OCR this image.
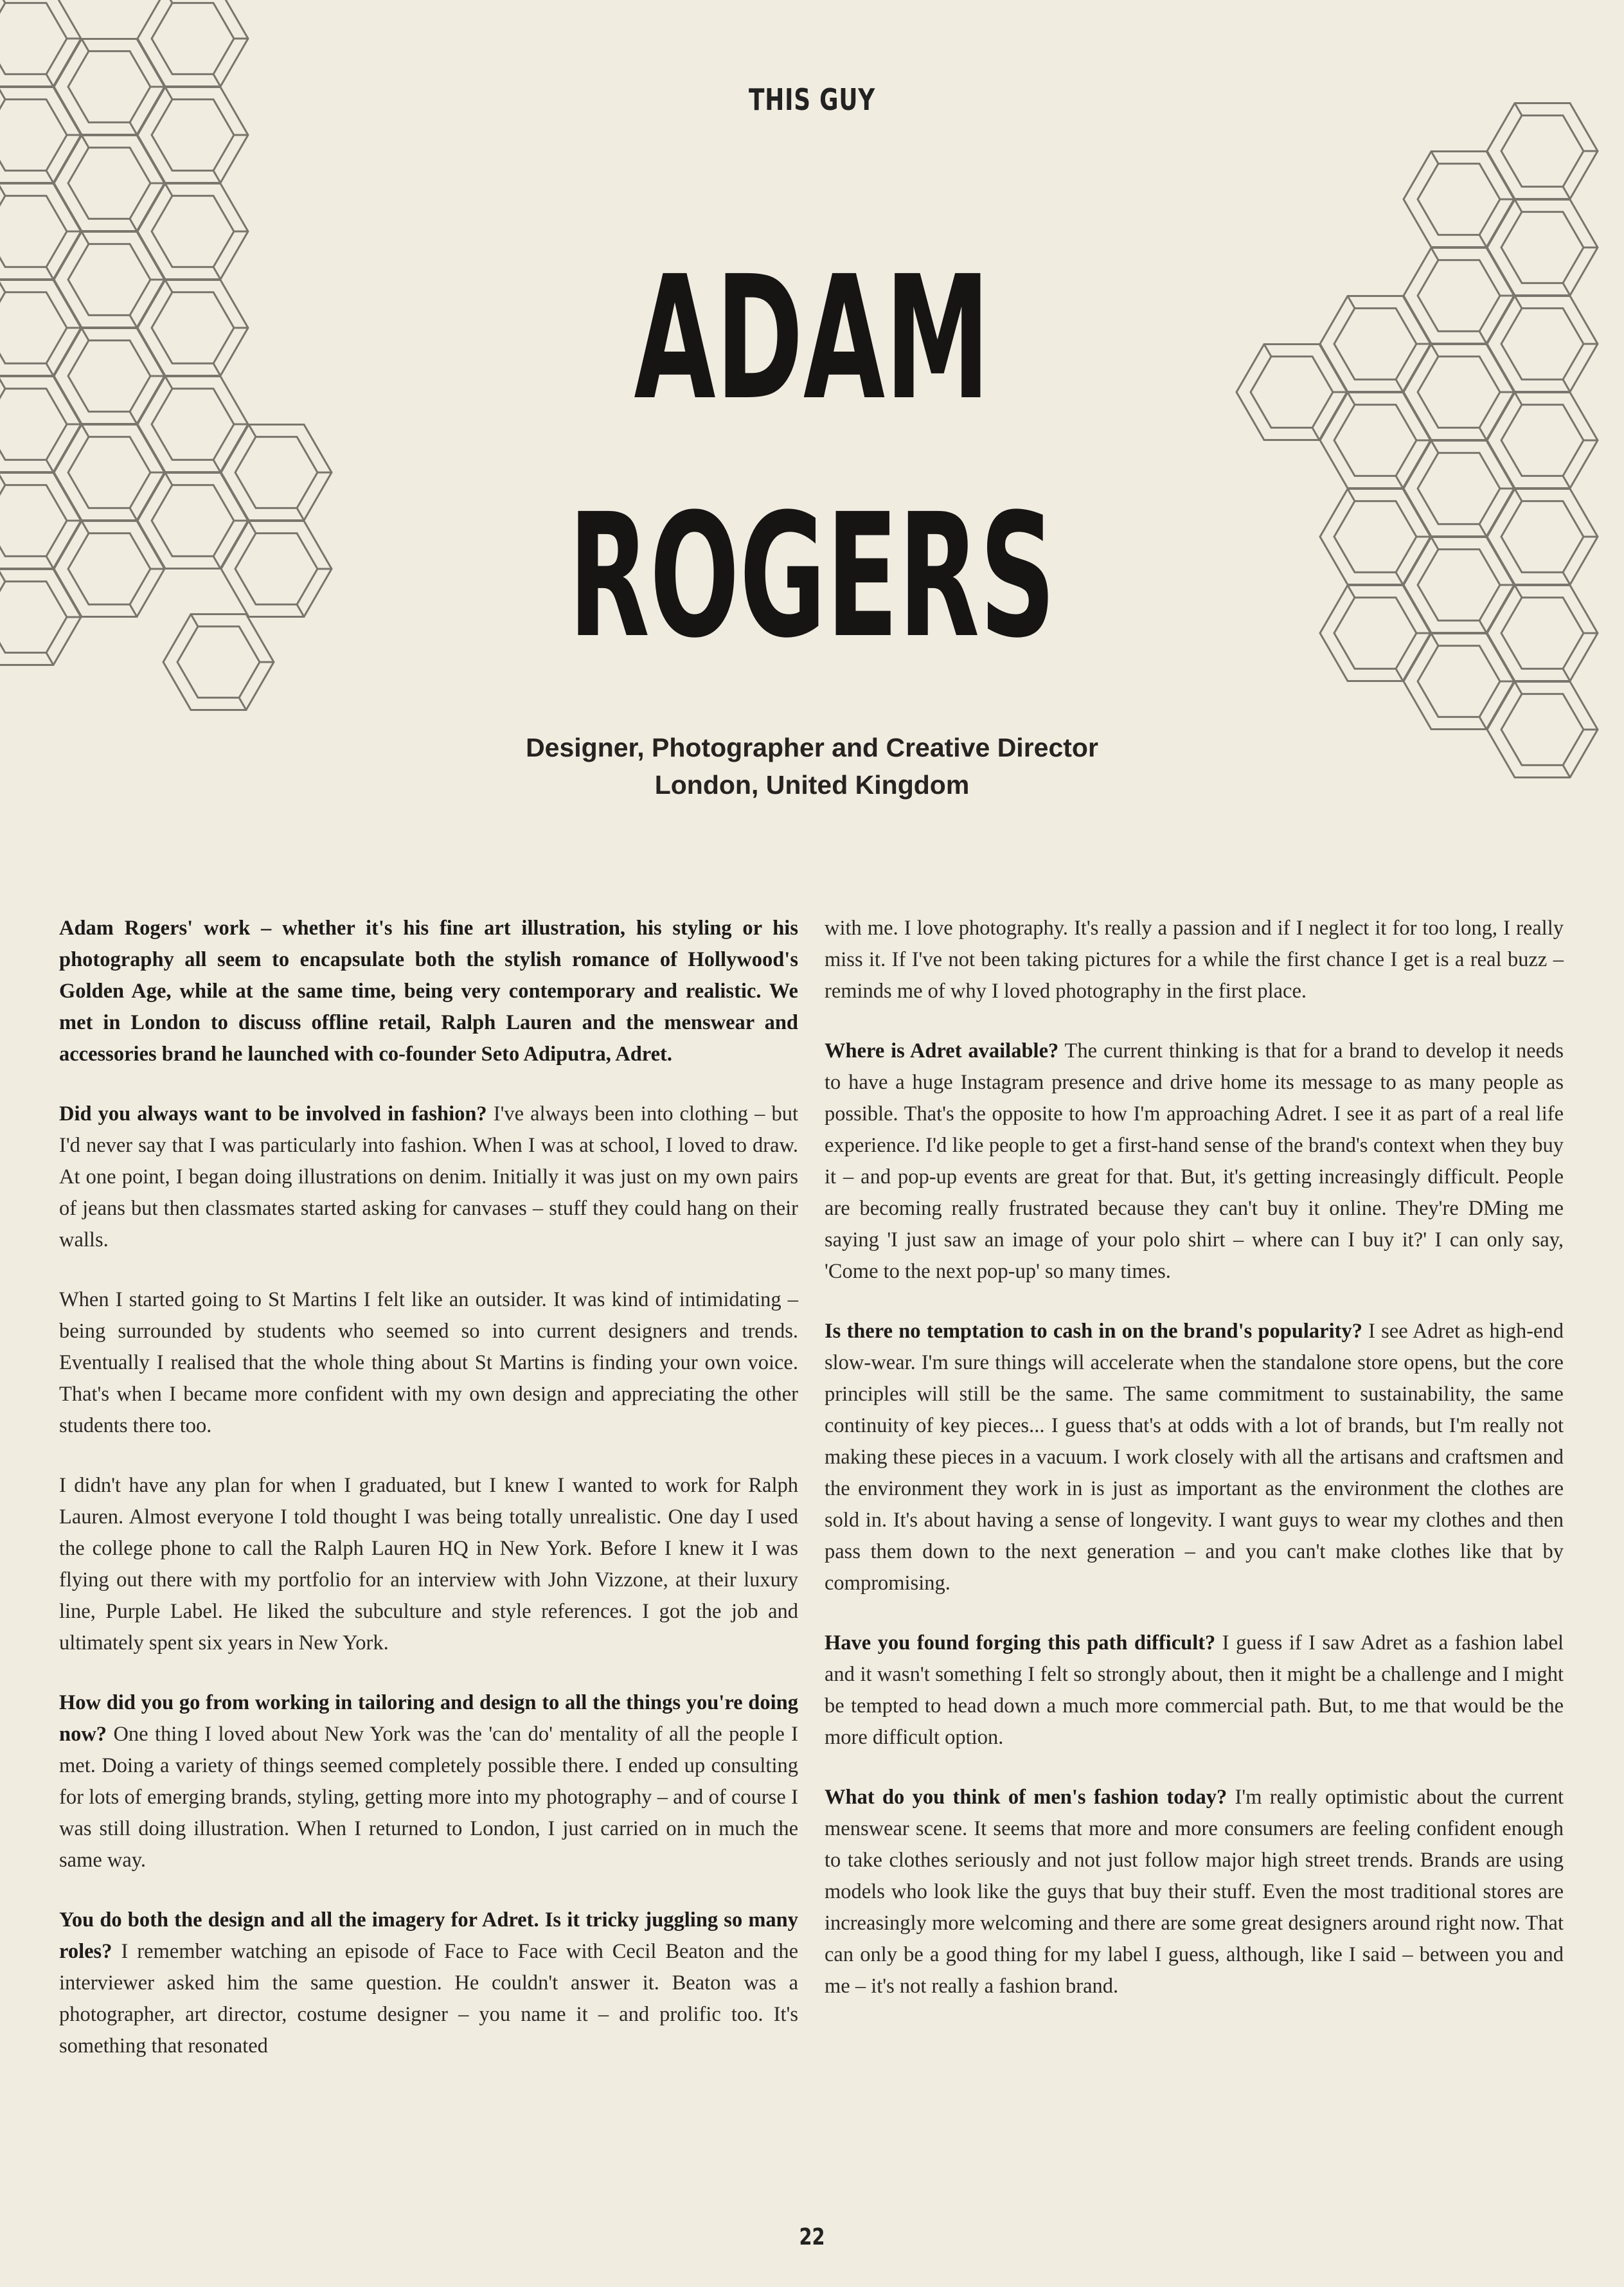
THIS GUY
ADAM
ROGERS
Designer, Photographer and Creative Director
London, United Kingdom

Adam Rogers' work – whether it's his fine art illustration, his styling or his photography all seem to encapsulate both the stylish romance of Hollywood's Golden Age, while at the same time, being very contemporary and realistic. We met in London to discuss offline retail, Ralph Lauren and the menswear and accessories brand he launched with co-founder Seto Adiputra, Adret.

Did you always want to be involved in fashion? I've always been into clothing – but I'd never say that I was particularly into fashion. When I was at school, I loved to draw. At one point, I began doing illustrations on denim. Initially it was just on my own pairs of jeans but then classmates started asking for canvases – stuff they could hang on their walls.

When I started going to St Martins I felt like an outsider. It was kind of intimidating – being surrounded by students who seemed so into current designers and trends. Eventually I realised that the whole thing about St Martins is finding your own voice. That's when I became more confident with my own design and appreciating the other students there too.

I didn't have any plan for when I graduated, but I knew I wanted to work for Ralph Lauren. Almost everyone I told thought I was being totally unrealistic. One day I used the college phone to call the Ralph Lauren HQ in New York. Before I knew it I was flying out there with my portfolio for an interview with John Vizzone, at their luxury line, Purple Label. He liked the subculture and style references. I got the job and ultimately spent six years in New York.

How did you go from working in tailoring and design to all the things you're doing now? One thing I loved about New York was the 'can do' mentality of all the people I met. Doing a variety of things seemed completely possible there. I ended up consulting for lots of emerging brands, styling, getting more into my photography – and of course I was still doing illustration. When I returned to London, I just carried on in much the same way.

You do both the design and all the imagery for Adret. Is it tricky juggling so many roles? I remember watching an episode of Face to Face with Cecil Beaton and the interviewer asked him the same question. He couldn't answer it. Beaton was a photographer, art director, costume designer – you name it – and prolific too. It's something that resonated

with me. I love photography. It's really a passion and if I neglect it for too long, I really miss it. If I've not been taking pictures for a while the first chance I get is a real buzz – reminds me of why I loved photography in the first place.

Where is Adret available? The current thinking is that for a brand to develop it needs to have a huge Instagram presence and drive home its message to as many people as possible. That's the opposite to how I'm approaching Adret. I see it as part of a real life experience. I'd like people to get a first-hand sense of the brand's context when they buy it – and pop-up events are great for that. But, it's getting increasingly difficult. People are becoming really frustrated because they can't buy it online. They're DMing me saying 'I just saw an image of your polo shirt – where can I buy it?' I can only say, 'Come to the next pop-up' so many times.

Is there no temptation to cash in on the brand's popularity? I see Adret as high-end slow-wear. I'm sure things will accelerate when the standalone store opens, but the core principles will still be the same. The same commitment to sustainability, the same continuity of key pieces... I guess that's at odds with a lot of brands, but I'm really not making these pieces in a vacuum. I work closely with all the artisans and craftsmen and the environment they work in is just as important as the environment the clothes are sold in. It's about having a sense of longevity. I want guys to wear my clothes and then pass them down to the next generation – and you can't make clothes like that by compromising.

Have you found forging this path difficult? I guess if I saw Adret as a fashion label and it wasn't something I felt so strongly about, then it might be a challenge and I might be tempted to head down a much more commercial path. But, to me that would be the more difficult option.

What do you think of men's fashion today? I'm really optimistic about the current menswear scene. It seems that more and more consumers are feeling confident enough to take clothes seriously and not just follow major high street trends. Brands are using models who look like the guys that buy their stuff. Even the most traditional stores are increasingly more welcoming and there are some great designers around right now. That can only be a good thing for my label I guess, although, like I said – between you and me – it's not really a fashion brand.

22
